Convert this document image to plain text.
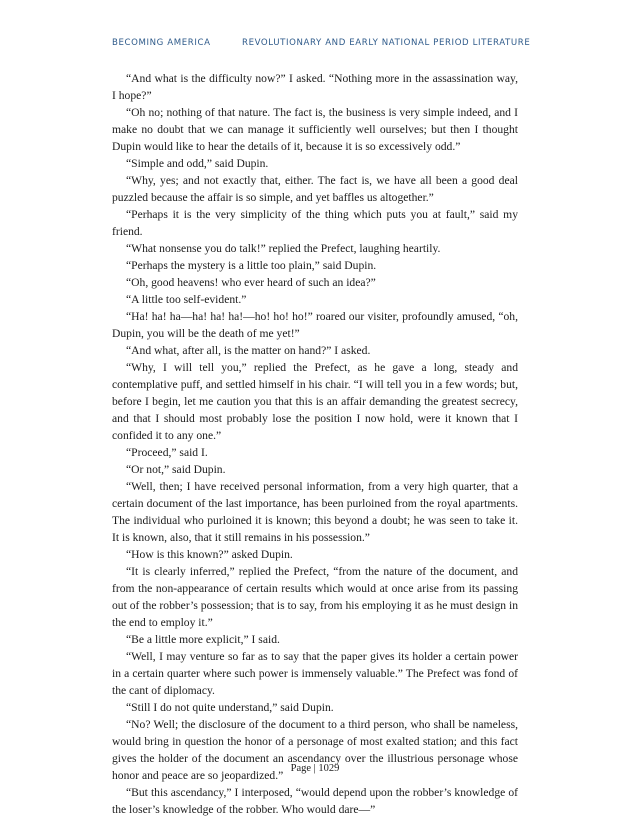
BECOMING AMERICA	REVOLUTIONARY AND EARLY NATIONAL PERIOD LITERATURE

“And what is the difficulty now?” I asked. “Nothing more in the assassination way, I hope?”

“Oh no; nothing of that nature. The fact is, the business is very simple indeed, and I make no doubt that we can manage it sufficiently well ourselves; but then I thought Dupin would like to hear the details of it, because it is so excessively odd.”

“Simple and odd,” said Dupin.

“Why, yes; and not exactly that, either. The fact is, we have all been a good deal puzzled because the affair is so simple, and yet baffles us altogether.”

“Perhaps it is the very simplicity of the thing which puts you at fault,” said my friend.

“What nonsense you do talk!” replied the Prefect, laughing heartily.

“Perhaps the mystery is a little too plain,” said Dupin.

“Oh, good heavens! who ever heard of such an idea?”

“A little too self-evident.”

“Ha! ha! ha—ha! ha! ha!—ho! ho! ho!” roared our visiter, profoundly amused, “oh, Dupin, you will be the death of me yet!”

“And what, after all, is the matter on hand?” I asked.

“Why, I will tell you,” replied the Prefect, as he gave a long, steady and contemplative puff, and settled himself in his chair. “I will tell you in a few words; but, before I begin, let me caution you that this is an affair demanding the greatest secrecy, and that I should most probably lose the position I now hold, were it known that I confided it to any one.”

“Proceed,” said I.

“Or not,” said Dupin.

“Well, then; I have received personal information, from a very high quarter, that a certain document of the last importance, has been purloined from the royal apartments. The individual who purloined it is known; this beyond a doubt; he was seen to take it. It is known, also, that it still remains in his possession.”

“How is this known?” asked Dupin.

“It is clearly inferred,” replied the Prefect, “from the nature of the document, and from the non-appearance of certain results which would at once arise from its passing out of the robber’s possession; that is to say, from his employing it as he must design in the end to employ it.”

“Be a little more explicit,” I said.

“Well, I may venture so far as to say that the paper gives its holder a certain power in a certain quarter where such power is immensely valuable.” The Prefect was fond of the cant of diplomacy.

“Still I do not quite understand,” said Dupin.

“No? Well; the disclosure of the document to a third person, who shall be nameless, would bring in question the honor of a personage of most exalted station; and this fact gives the holder of the document an ascendancy over the illustrious personage whose honor and peace are so jeopardized.”

“But this ascendancy,” I interposed, “would depend upon the robber’s knowledge of the loser’s knowledge of the robber. Who would dare—”

Page | 1029
